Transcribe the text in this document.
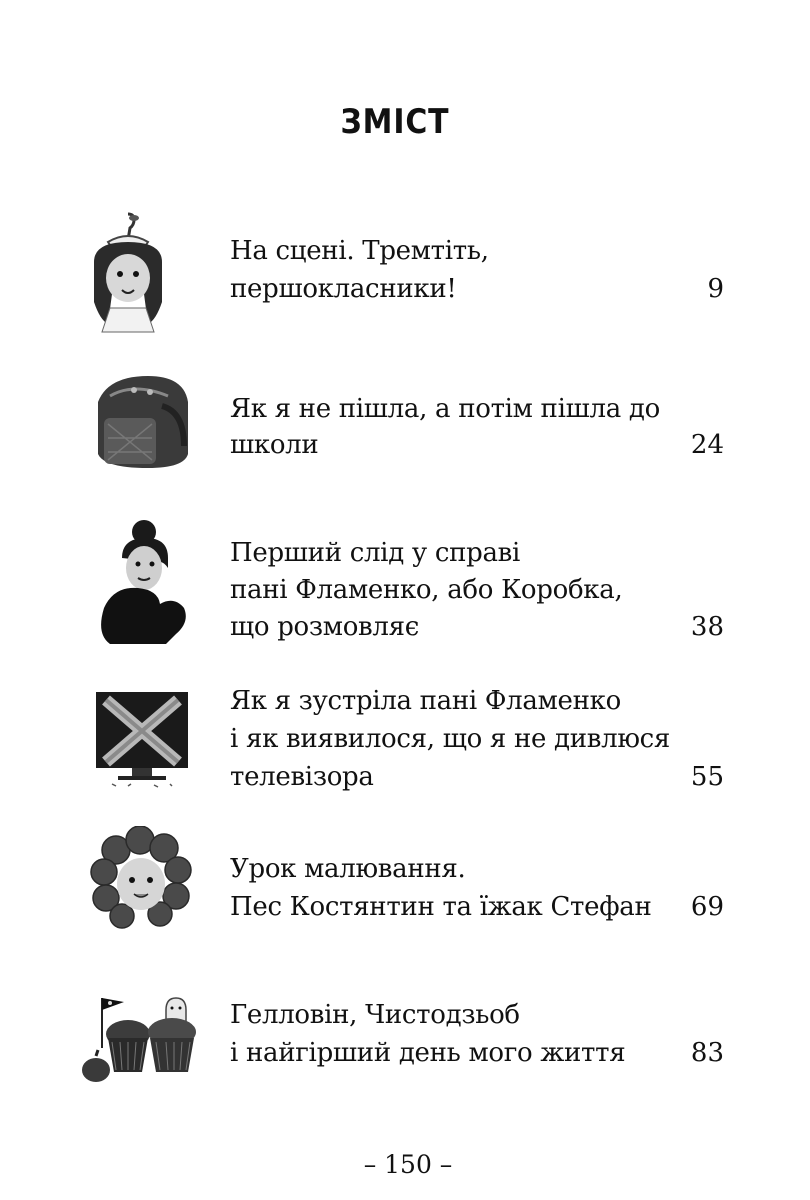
ЗМІСТ
На сцені. Тремтіть,
першокласники!	9
Як я не пішла, а потім пішла до
школи	24
Перший слід у справі
пані Фламенко, або Коробка,
що розмовляє	38
Як я зустріла пані Фламенко
і як виявилося, що я не дивлюся
телевізора	55
Урок малювання.
Пес Костянтин та їжак Стефан 69
Гелловін, Чистодзьоб
і найгірший день мого життя	83
– 150 –
